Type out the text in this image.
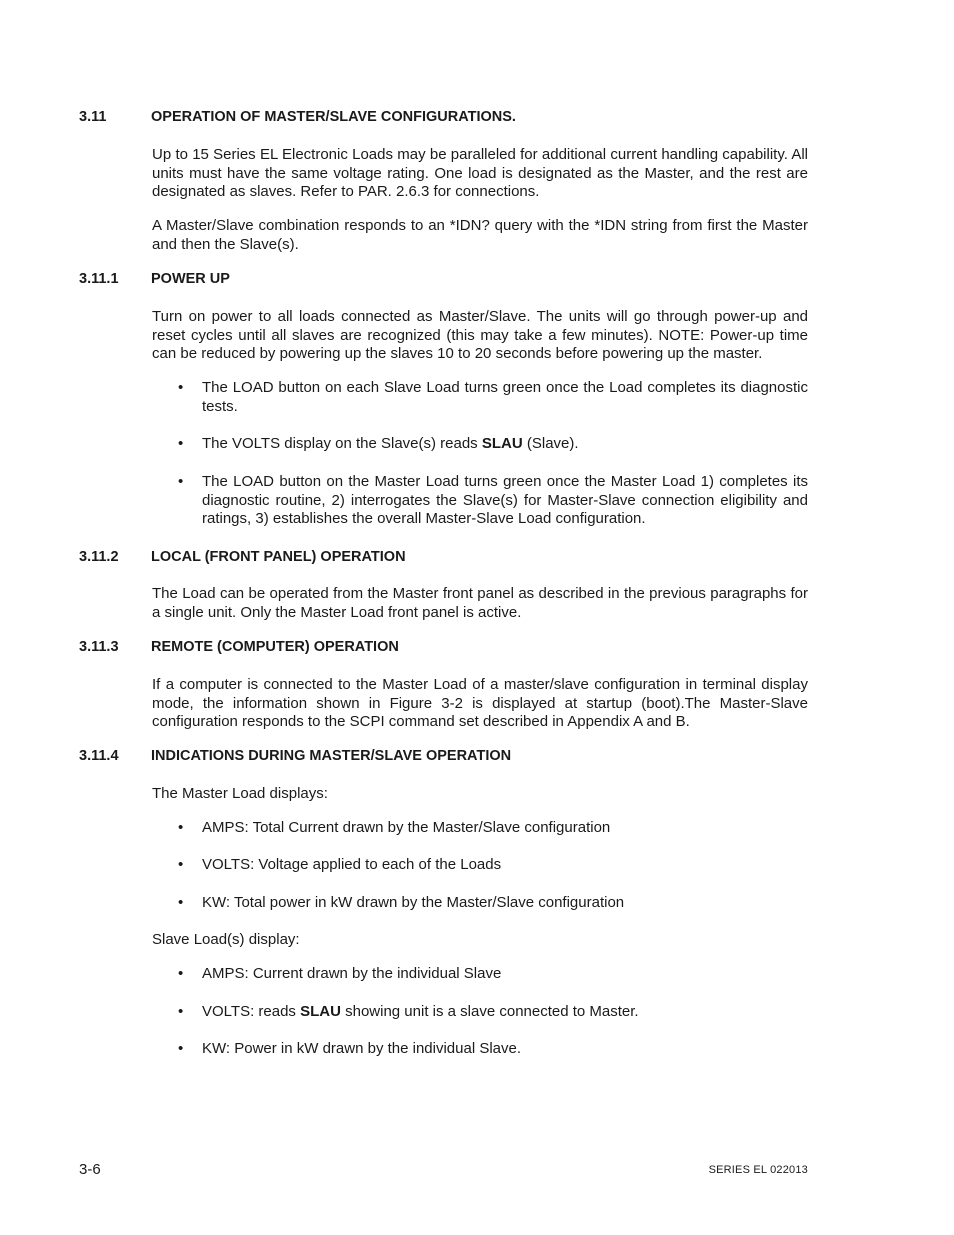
3.11	OPERATION OF MASTER/SLAVE CONFIGURATIONS.
Up to 15 Series EL Electronic Loads may be paralleled for additional current handling capability. All units must have the same voltage rating. One load is designated as the Master, and the rest are designated as slaves. Refer to PAR. 2.6.3 for connections.
A Master/Slave combination responds to an *IDN? query with the *IDN string from first the Master and then the Slave(s).
3.11.1 POWER UP
Turn on power to all loads connected as Master/Slave. The units will go through power-up and reset cycles until all slaves are recognized (this may take a few minutes). NOTE: Power-up time can be reduced by powering up the slaves 10 to 20 seconds before powering up the master.
• The LOAD button on each Slave Load turns green once the Load completes its diagnostic tests.
• The VOLTS display on the Slave(s) reads SLAU (Slave).
• The LOAD button on the Master Load turns green once the Master Load 1) completes its diagnostic routine, 2) interrogates the Slave(s) for Master-Slave connection eligibility and ratings, 3) establishes the overall Master-Slave Load configuration.
3.11.2 LOCAL (FRONT PANEL) OPERATION
The Load can be operated from the Master front panel as described in the previous paragraphs for a single unit. Only the Master Load front panel is active.
3.11.3 REMOTE (COMPUTER) OPERATION
If a computer is connected to the Master Load of a master/slave configuration in terminal display mode, the information shown in Figure 3-2 is displayed at startup (boot).The Master-Slave configuration responds to the SCPI command set described in Appendix A and B.
3.11.4 INDICATIONS DURING MASTER/SLAVE OPERATION
The Master Load displays:
• AMPS: Total Current drawn by the Master/Slave configuration
• VOLTS: Voltage applied to each of the Loads
• KW: Total power in kW drawn by the Master/Slave configuration
Slave Load(s) display:
• AMPS: Current drawn by the individual Slave
• VOLTS: reads SLAU showing unit is a slave connected to Master.
• KW: Power in kW drawn by the individual Slave.
3-6	SERIES EL 022013
